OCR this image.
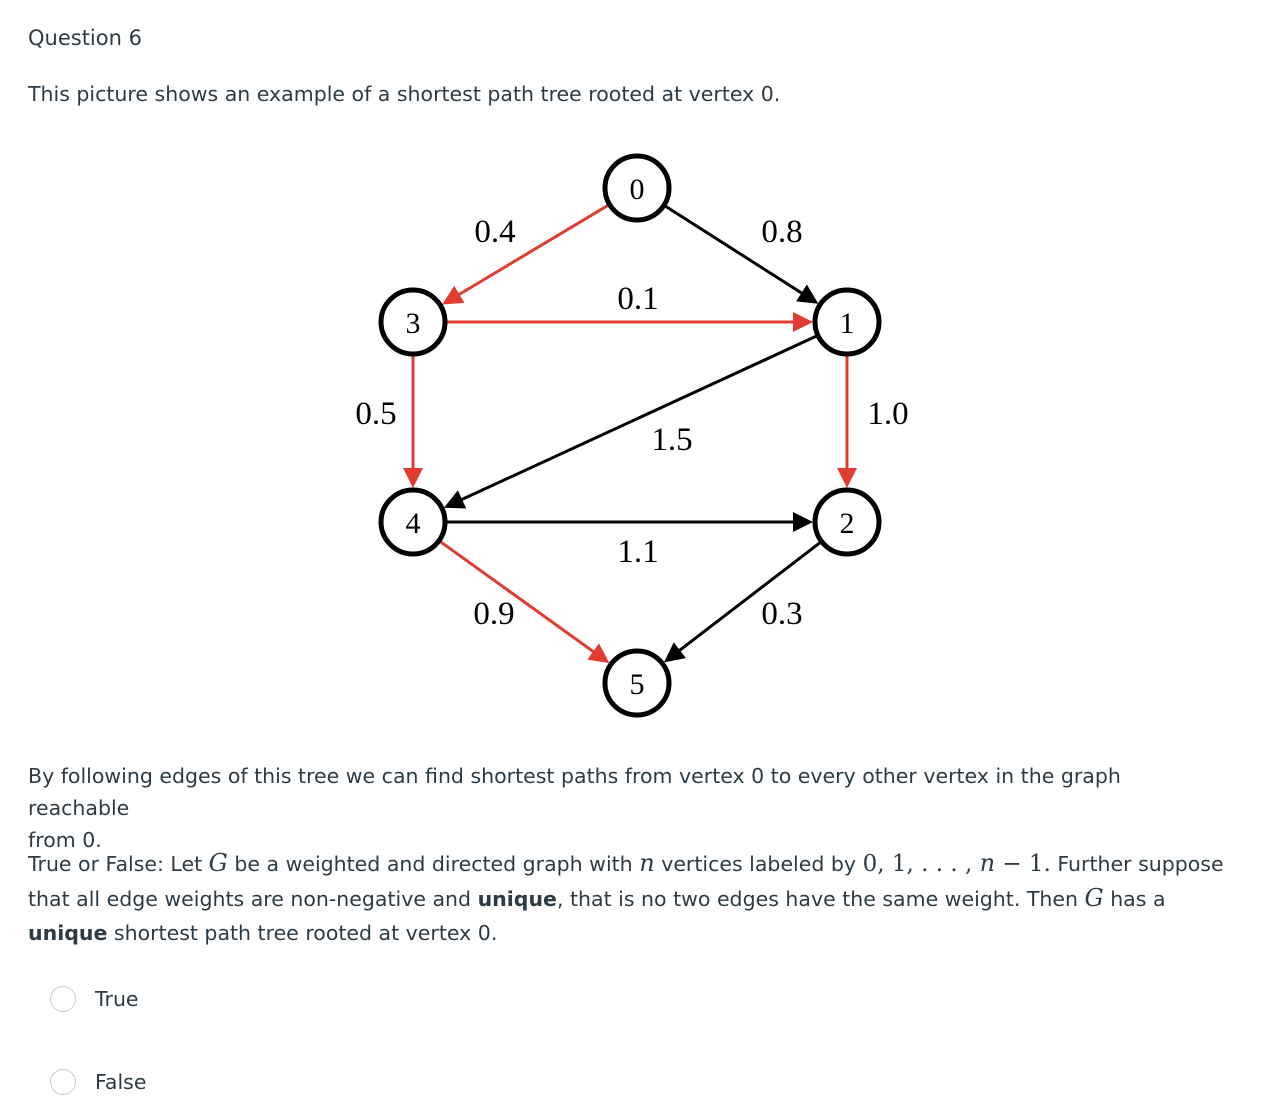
Question 6
This picture shows an example of a shortest path tree rooted at vertex 0.
0
1
2
3
4
5
0.4	0.8
0.1
0.5	1.0
1.5
1.1
0.9	0.3
By following edges of this tree we can find shortest paths from vertex 0 to every other vertex in the graph reachable
from 0.
True or False: Let G be a weighted and directed graph with n vertices labeled by 0, 1, . . . , n − 1. Further suppose
that all edge weights are non-negative and unique, that is no two edges have the same weight. Then G has a
unique shortest path tree rooted at vertex 0.
True
False
